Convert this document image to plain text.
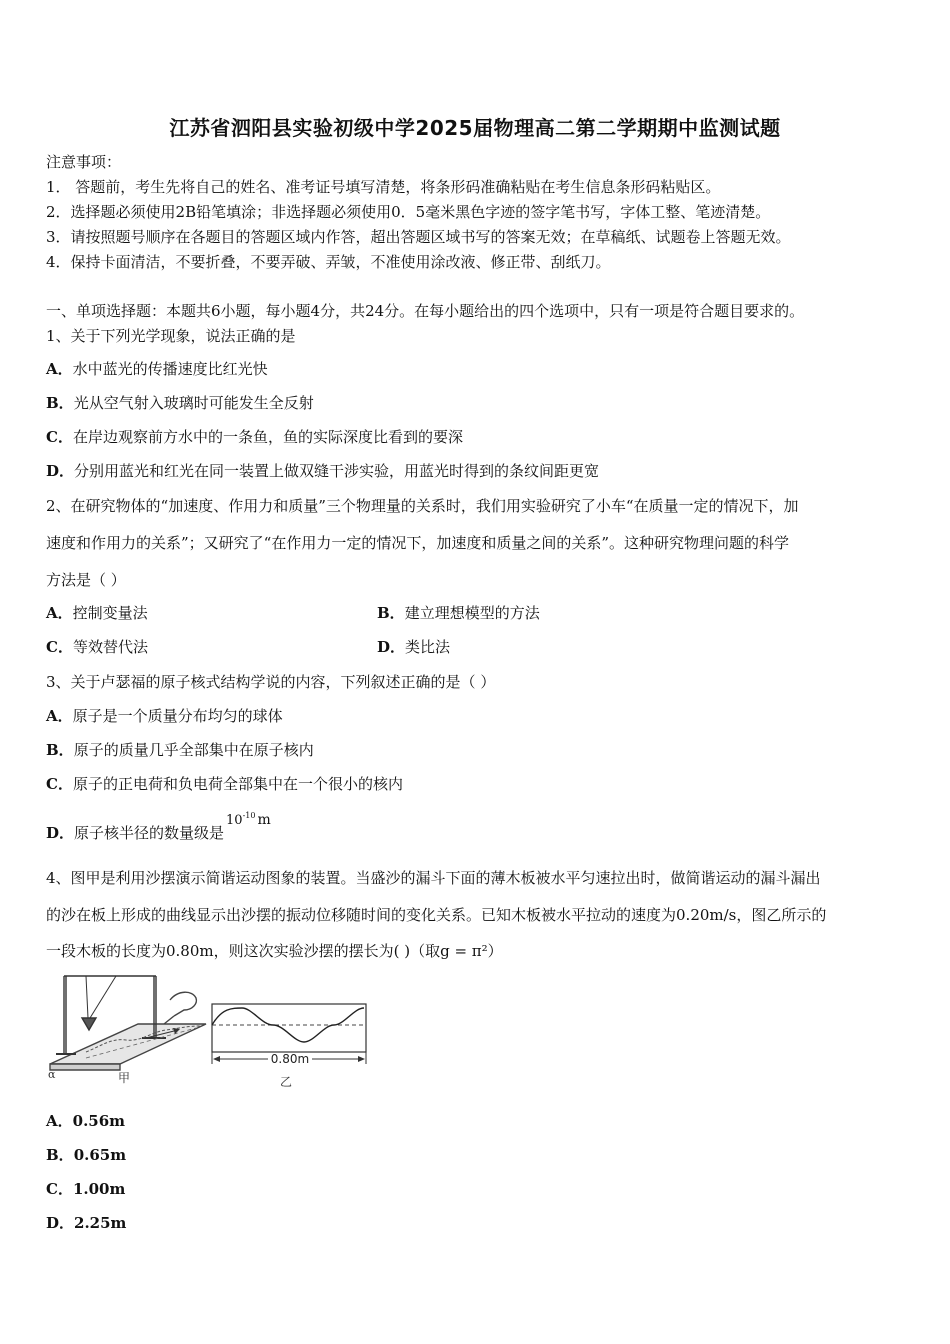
江苏省泗阳县实验初级中学2025届物理高二第二学期期中监测试题
注意事项：
1． 答题前，考生先将自己的姓名、准考证号填写清楚，将条形码准确粘贴在考生信息条形码粘贴区。
2．选择题必须使用2B铅笔填涂；非选择题必须使用0．5毫米黑色字迹的签字笔书写，字体工整、笔迹清楚。
3．请按照题号顺序在各题目的答题区域内作答，超出答题区域书写的答案无效；在草稿纸、试题卷上答题无效。
4．保持卡面清洁，不要折叠，不要弄破、弄皱，不准使用涂改液、修正带、刮纸刀。
一、单项选择题：本题共6小题，每小题4分，共24分。在每小题给出的四个选项中，只有一项是符合题目要求的。
1、关于下列光学现象，说法正确的是
A．水中蓝光的传播速度比红光快
B．光从空气射入玻璃时可能发生全反射
C．在岸边观察前方水中的一条鱼，鱼的实际深度比看到的要深
D．分别用蓝光和红光在同一装置上做双缝干涉实验，用蓝光时得到的条纹间距更宽
2、在研究物体的“加速度、作用力和质量”三个物理量的关系时，我们用实验研究了小车“在质量一定的情况下，加
速度和作用力的关系”；又研究了“在作用力一定的情况下，加速度和质量之间的关系”。这种研究物理问题的科学
方法是（ ）
A．控制变量法	B．建立理想模型的方法
C．等效替代法	D．类比法
3、关于卢瑟福的原子核式结构学说的内容，下列叙述正确的是（ ）
A．原子是一个质量分布均匀的球体
B．原子的质量几乎全部集中在原子核内
C．原子的正电荷和负电荷全部集中在一个很小的核内
D．原子核半径的数量级是$10^{-10}$ m
4、图甲是利用沙摆演示简谐运动图象的装置。当盛沙的漏斗下面的薄木板被水平匀速拉出时，做简谐运动的漏斗漏出
的沙在板上形成的曲线显示出沙摆的振动位移随时间的变化关系。已知木板被水平拉动的速度为0.20m/s，图乙所示的
一段木板的长度为0.80m，则这次实验沙摆的摆长为( )（取g = π²）
α	甲
0.80m
乙
A．0.56m
B．0.65m
C．1.00m
D．2.25m
